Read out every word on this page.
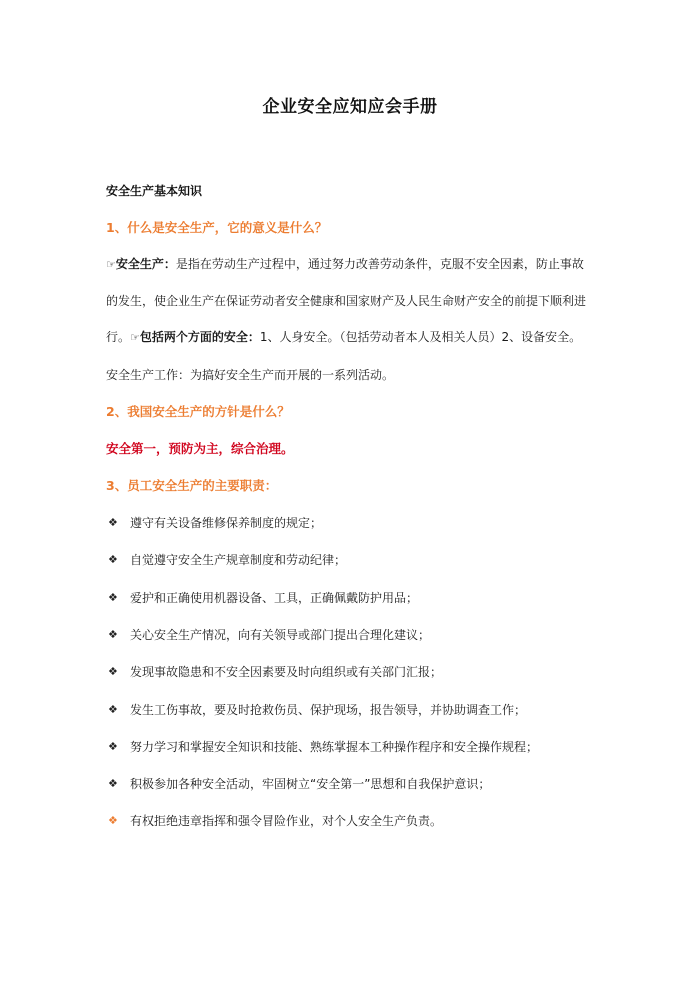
企业安全应知应会手册
安全生产基本知识
1、什么是安全生产，它的意义是什么？
☞安全生产：是指在劳动生产过程中，通过努力改善劳动条件，克服不安全因素，防止事故
的发生，使企业生产在保证劳动者安全健康和国家财产及人民生命财产安全的前提下顺利进
行。☞包括两个方面的安全：1、人身安全。（包括劳动者本人及相关人员）2、设备安全。
安全生产工作：为搞好安全生产而开展的一系列活动。
2、我国安全生产的方针是什么？
安全第一，预防为主，综合治理。
3、员工安全生产的主要职责：
❖	遵守有关设备维修保养制度的规定；
❖	自觉遵守安全生产规章制度和劳动纪律；
❖	爱护和正确使用机器设备、工具，正确佩戴防护用品；
❖	关心安全生产情况，向有关领导或部门提出合理化建议；
❖	发现事故隐患和不安全因素要及时向组织或有关部门汇报；
❖	发生工伤事故，要及时抢救伤员、保护现场，报告领导，并协助调查工作；
❖	努力学习和掌握安全知识和技能、熟练掌握本工种操作程序和安全操作规程；
❖	积极参加各种安全活动，牢固树立“安全第一”思想和自我保护意识；
❖	有权拒绝违章指挥和强令冒险作业，对个人安全生产负责。
